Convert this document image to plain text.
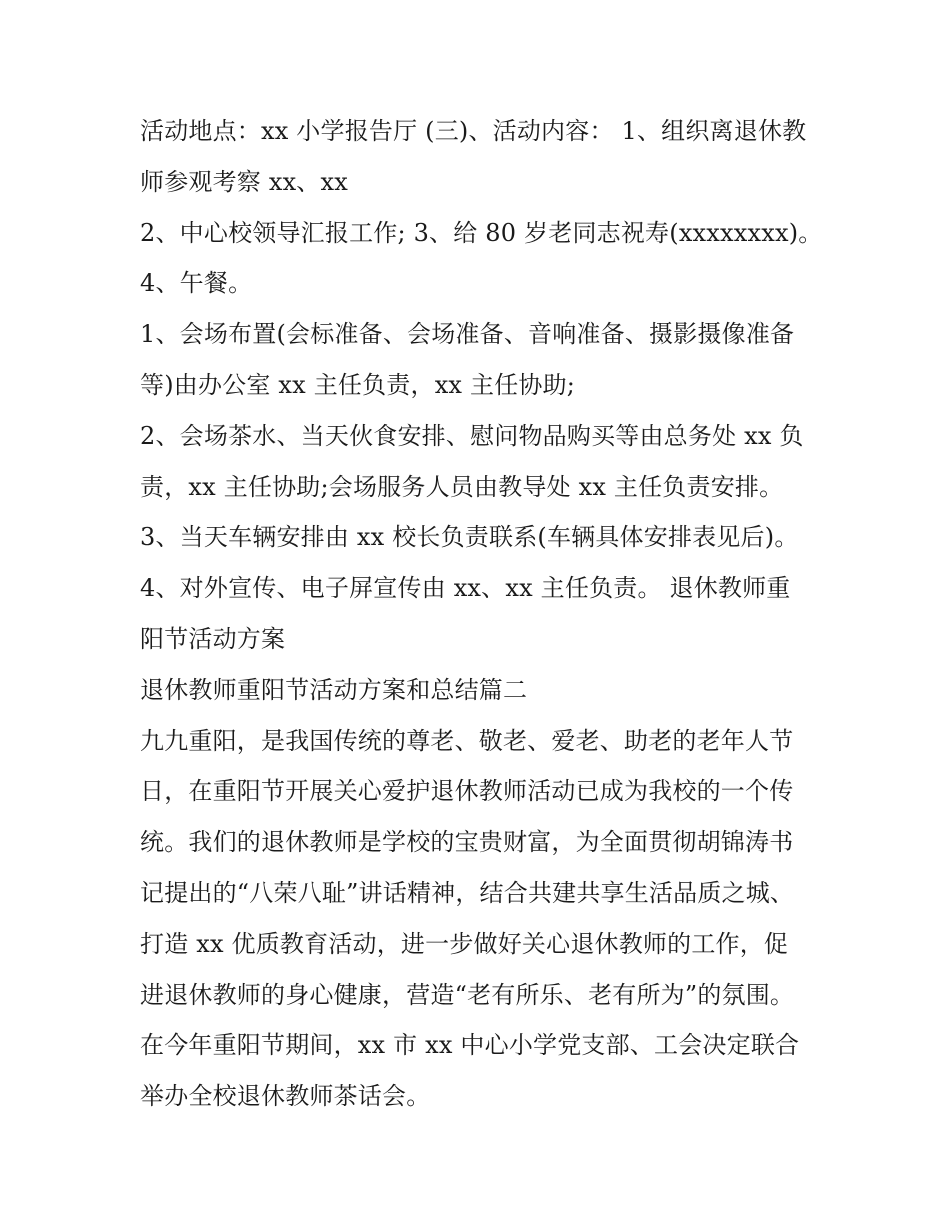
活动地点：xx 小学报告厅 (三)、活动内容： 1、组织离退休教
师参观考察 xx、xx
2、中心校领导汇报工作; 3、给 80 岁老同志祝寿(xxxxxxxx)。
4、午餐。
1、会场布置(会标准备、会场准备、音响准备、摄影摄像准备
等)由办公室 xx 主任负责，xx 主任协助;
2、会场茶水、当天伙食安排、慰问物品购买等由总务处 xx 负
责，xx 主任协助;会场服务人员由教导处 xx 主任负责安排。
3、当天车辆安排由 xx 校长负责联系(车辆具体安排表见后)。
4、对外宣传、电子屏宣传由 xx、xx 主任负责。 退休教师重
阳节活动方案
退休教师重阳节活动方案和总结篇二
九九重阳，是我国传统的尊老、敬老、爱老、助老的老年人节
日，在重阳节开展关心爱护退休教师活动已成为我校的一个传
统。我们的退休教师是学校的宝贵财富，为全面贯彻胡锦涛书
记提出的“八荣八耻”讲话精神，结合共建共享生活品质之城、
打造 xx 优质教育活动，进一步做好关心退休教师的工作，促
进退休教师的身心健康，营造“老有所乐、老有所为”的氛围。
在今年重阳节期间，xx 市 xx 中心小学党支部、工会决定联合
举办全校退休教师茶话会。
